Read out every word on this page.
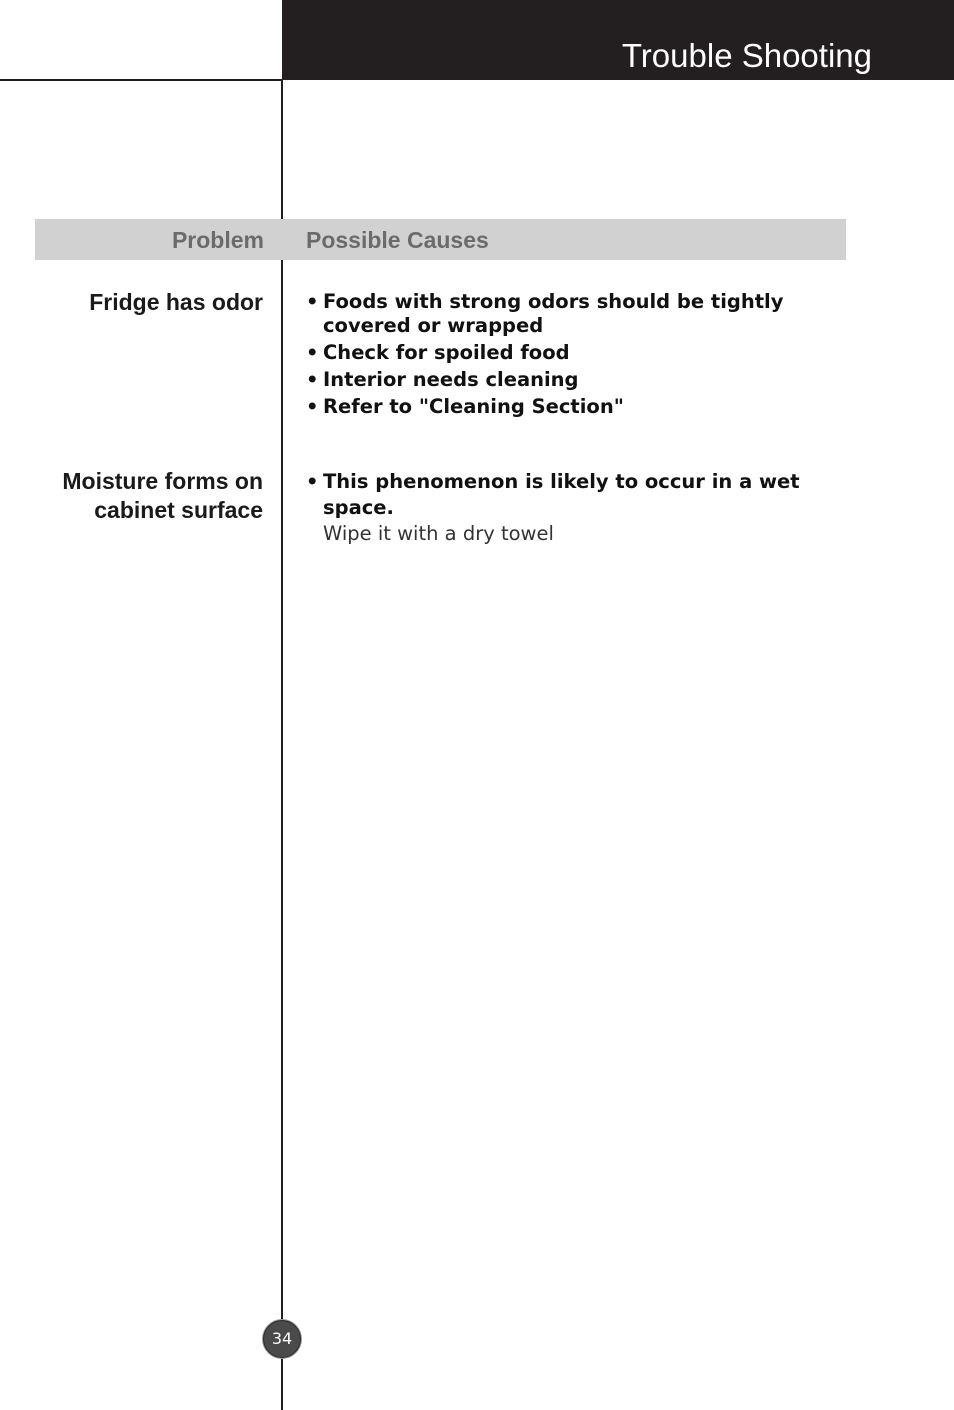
Trouble Shooting
Problem Possible Causes

Fridge has odor

•	Foods with strong odors should be tightly
covered or wrapped
• Check for spoiled food
• Interior needs cleaning
• Refer to "Cleaning Section"

Moisture forms on
cabinet surface

• This phenomenon is likely to occur in a wet space.
Wipe it with a dry towel
34
